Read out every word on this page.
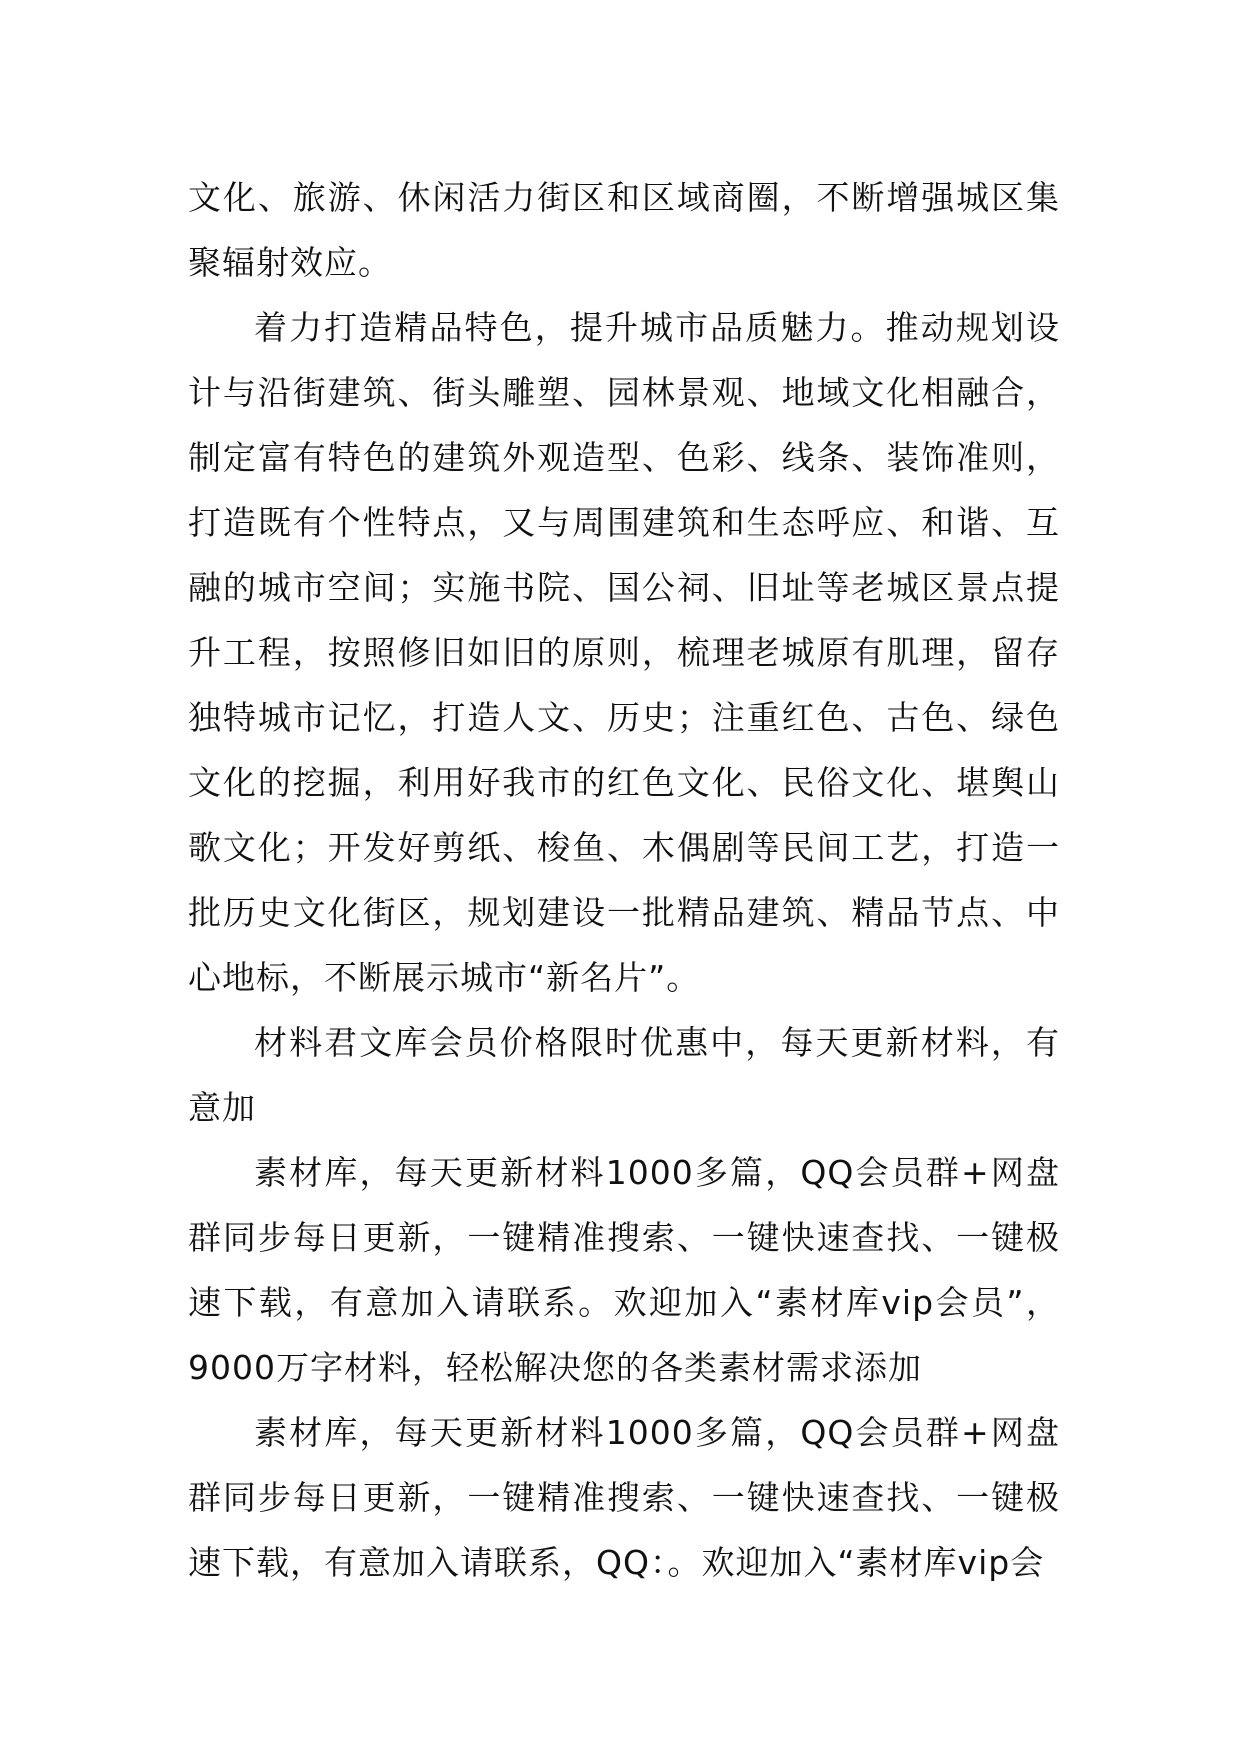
文化、旅游、休闲活力街区和区域商圈，不断增强城区集聚辐射效应。

着力打造精品特色，提升城市品质魅力。推动规划设计与沿街建筑、街头雕塑、园林景观、地域文化相融合，制定富有特色的建筑外观造型、色彩、线条、装饰准则，打造既有个性特点，又与周围建筑和生态呼应、和谐、互融的城市空间；实施书院、国公祠、旧址等老城区景点提升工程，按照修旧如旧的原则，梳理老城原有肌理，留存独特城市记忆，打造人文、历史；注重红色、古色、绿色文化的挖掘，利用好我市的红色文化、民俗文化、堪舆山歌文化；开发好剪纸、梭鱼、木偶剧等民间工艺，打造一批历史文化街区，规划建设一批精品建筑、精品节点、中心地标，不断展示城市“新名片”。

材料君文库会员价格限时优惠中，每天更新材料，有意加

素材库，每天更新材料1000多篇，QQ会员群+网盘群同步每日更新，一键精准搜索、一键快速查找、一键极速下载，有意加入请联系。欢迎加入“素材库vip会员”，9000万字材料，轻松解决您的各类素材需求添加

素材库，每天更新材料1000多篇，QQ会员群+网盘群同步每日更新，一键精准搜索、一键快速查找、一键极速下载，有意加入请联系，QQ：。欢迎加入“素材库vip会
